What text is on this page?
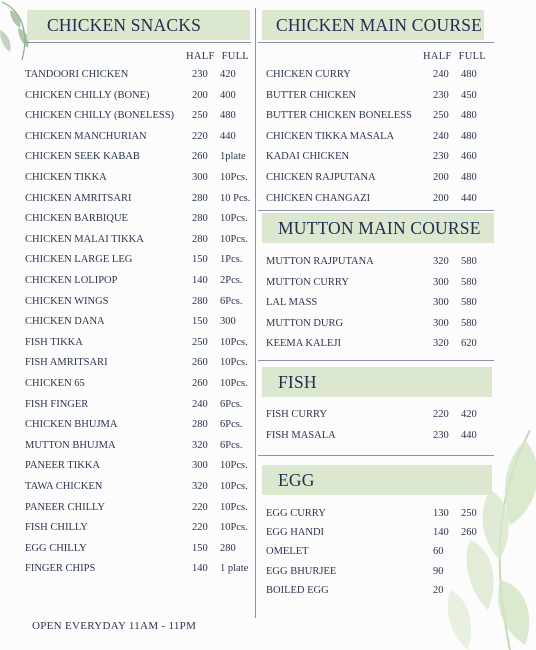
CHICKEN SNACKS	CHICKEN MAIN COURSE
MUTTON MAIN COURSE
FISH
EGG
HALF FULL	HALF FULL
TANDOORI CHICKEN	230 420
CHICKEN CHILLY (BONE)	200 400
CHICKEN CHILLY (BONELESS) 250 480
CHICKEN MANCHURIAN	220 440
CHICKEN SEEK KABAB	260 1plate
CHICKEN TIKKA	300 10Pcs.
CHICKEN AMRITSARI	280 10 Pcs.
CHICKEN BARBIQUE	280 10Pcs.
CHICKEN MALAI TIKKA	280 10Pcs.
CHICKEN LARGE LEG	150 1Pcs.
CHICKEN LOLIPOP	140 2Pcs.
CHICKEN WINGS	280 6Pcs.
CHICKEN DANA	150 300
FISH TIKKA	250 10Pcs.
FISH AMRITSARI	260 10Pcs.
CHICKEN 65	260 10Pcs.
FISH FINGER	240 6Pcs.
CHICKEN BHUJMA	280 6Pcs.
MUTTON BHUJMA	320 6Pcs.
PANEER TIKKA	300 10Pcs.
TAWA CHICKEN	320 10Pcs.
PANEER CHILLY	220 10Pcs.
FISH CHILLY	220 10Pcs.
EGG CHILLY	150 280
FINGER CHIPS	140 1 plate
CHICKEN CURRY	240 480
BUTTER CHICKEN	230 450
BUTTER CHICKEN BONELESS 250 480
CHICKEN TIKKA MASALA	240 480
KADAI CHICKEN	230 460
CHICKEN RAJPUTANA	200 480
CHICKEN CHANGAZI	200 440
MUTTON RAJPUTANA	320 580
MUTTON CURRY	300 580
LAL MASS	300 580
MUTTON DURG	300 580
KEEMA KALEJI	320 620
FISH CURRY	220 420
FISH MASALA	230 440
EGG CURRY	130 250
EGG HANDI	140 260
OMELET	60
EGG BHURJEE	90
BOILED EGG	20
OPEN EVERYDAY 11AM - 11PM
